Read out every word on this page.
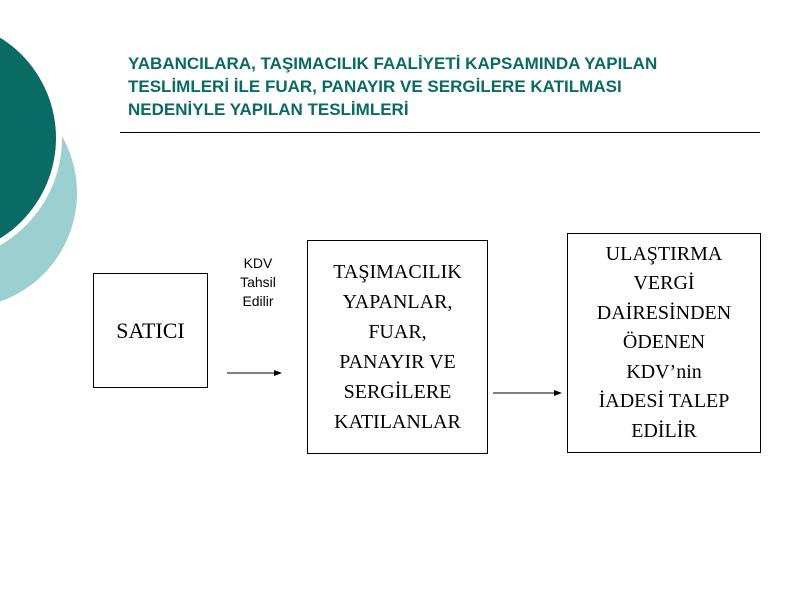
YABANCILARA, TAŞIMACILIK FAALİYETİ KAPSAMINDA YAPILAN
TESLİMLERİ İLE FUAR, PANAYIR VE SERGİLERE KATILMASI
NEDENİYLE YAPILAN TESLİMLERİ
SATICI
KDV
Tahsil
Edilir
TAŞIMACILIK
YAPANLAR,
FUAR,
PANAYIR VE
SERGİLERE
KATILANLAR
ULAŞTIRMA
VERGİ
DAİRESİNDEN
ÖDENEN
KDV’nin
İADESİ TALEP
EDİLİR
